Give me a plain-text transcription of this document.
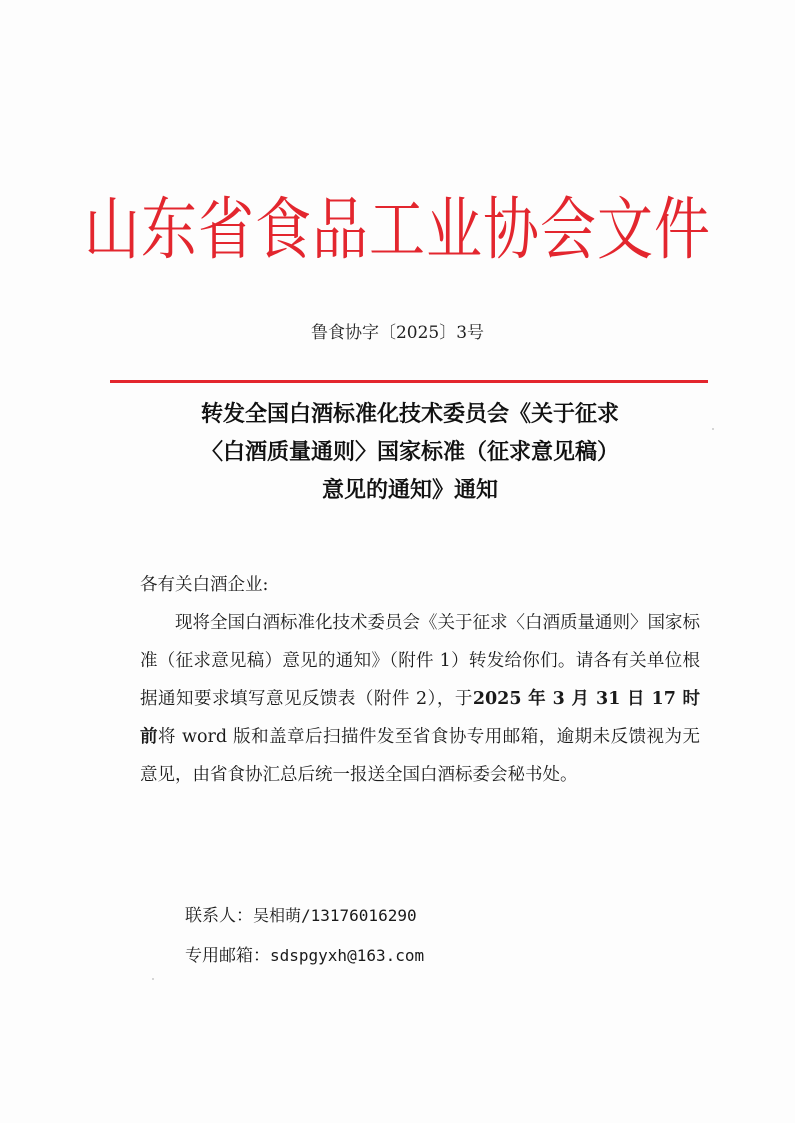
山东省食品工业协会文件
鲁食协字〔2025〕3号
转发全国白酒标准化技术委员会《关于征求
〈白酒质量通则〉国家标准（征求意见稿）
意见的通知》通知
各有关白酒企业:

现将全国白酒标准化技术委员会《关于征求〈白酒质量通则〉国家标准（征求意见稿）意见的通知》（附件 1）转发给你们。请各有关单位根据通知要求填写意见反馈表（附件 2），于2025 年 3 月 31 日 17 时前将 word 版和盖章后扫描件发至省食协专用邮箱，逾期未反馈视为无意见，由省食协汇总后统一报送全国白酒标委会秘书处。

联系人：吴相萌/13176016290
专用邮箱：sdspgyxh@163.com
